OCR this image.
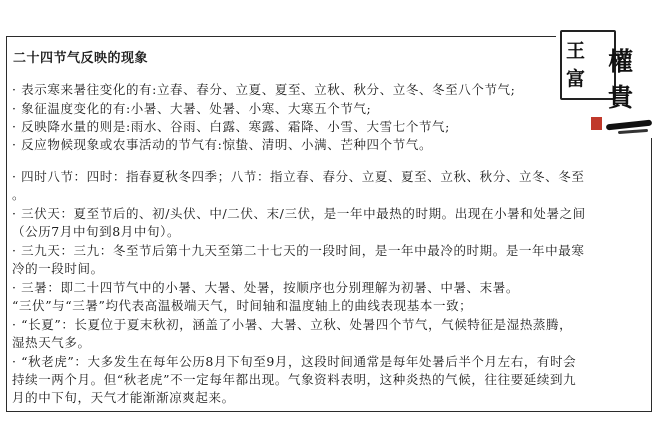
王
富
權
貴
二十四节气反映的现象
· 表示寒来暑往变化的有:立春、春分、立夏、夏至、立秋、秋分、立冬、冬至八个节气;
· 象征温度变化的有:小暑、大暑、处暑、小寒、大寒五个节气;
· 反映降水量的则是:雨水、谷雨、白露、寒露、霜降、小雪、大雪七个节气;
· 反应物候现象或农事活动的节气有:惊蛰、清明、小满、芒种四个节气。
· 四时八节：四时：指春夏秋冬四季；八节：指立春、春分、立夏、夏至、立秋、秋分、立冬、冬至
。
· 三伏天：夏至节后的、初/头伏、中/二伏、末/三伏，是一年中最热的时期。出现在小暑和处暑之间
（公历7月中旬到8月中旬）。
· 三九天：三九：冬至节后第十九天至第二十七天的一段时间，是一年中最冷的时期。是一年中最寒
冷的一段时间。
· 三暑：即二十四节气中的小暑、大暑、处暑，按顺序也分别理解为初暑、中暑、末暑。
“三伏”与“三暑”均代表高温极端天气，时间轴和温度轴上的曲线表现基本一致；
· “长夏”：长夏位于夏末秋初，涵盖了小暑、大暑、立秋、处暑四个节气，气候特征是湿热蒸腾，
湿热天气多。
· “秋老虎”：大多发生在每年公历8月下旬至9月，这段时间通常是每年处暑后半个月左右，有时会
持续一两个月。但“秋老虎”不一定每年都出现。气象资料表明，这种炎热的气候，往往要延续到九
月的中下旬，天气才能渐渐凉爽起来。
